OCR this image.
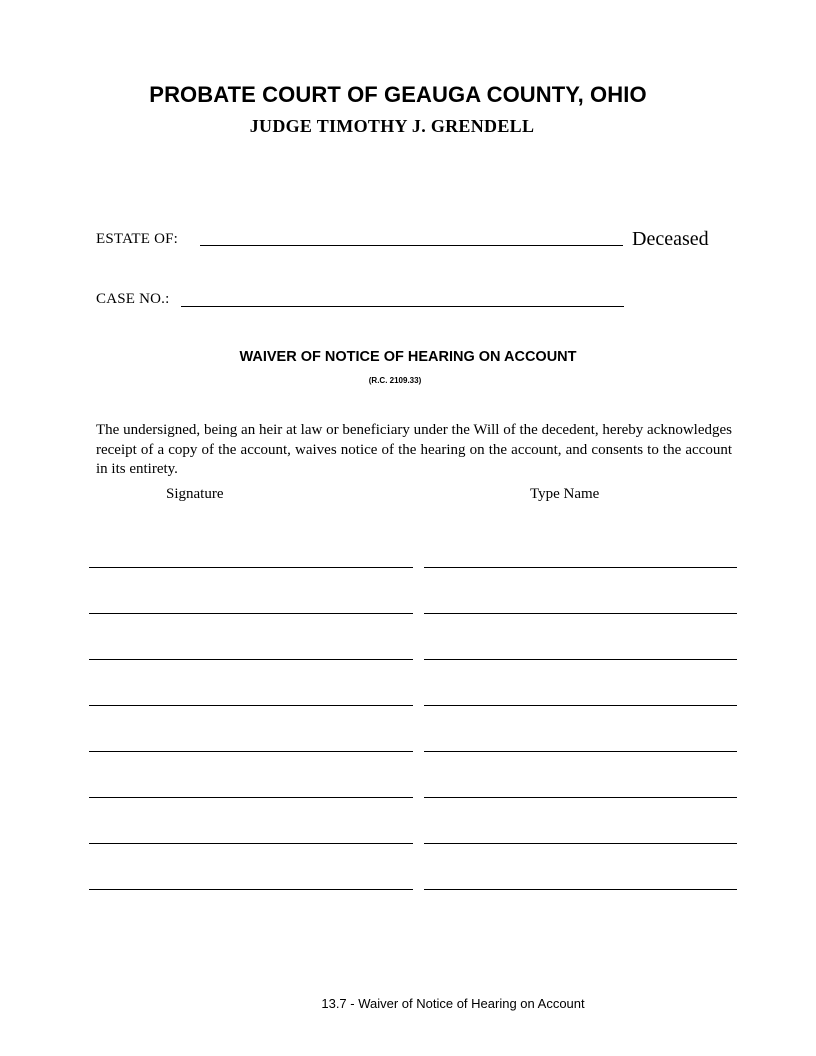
PROBATE COURT OF GEAUGA COUNTY, OHIO
JUDGE TIMOTHY J. GRENDELL
ESTATE OF:	Deceased
CASE NO.:
WAIVER OF NOTICE OF HEARING ON ACCOUNT
(R.C. 2109.33)
The undersigned, being an heir at law or beneficiary under the Will of the decedent, hereby acknowledges receipt of a copy of the account, waives notice of the hearing on the account, and consents to the account in its entirety.
Signature	Type Name
13.7 - Waiver of Notice of Hearing on Account
